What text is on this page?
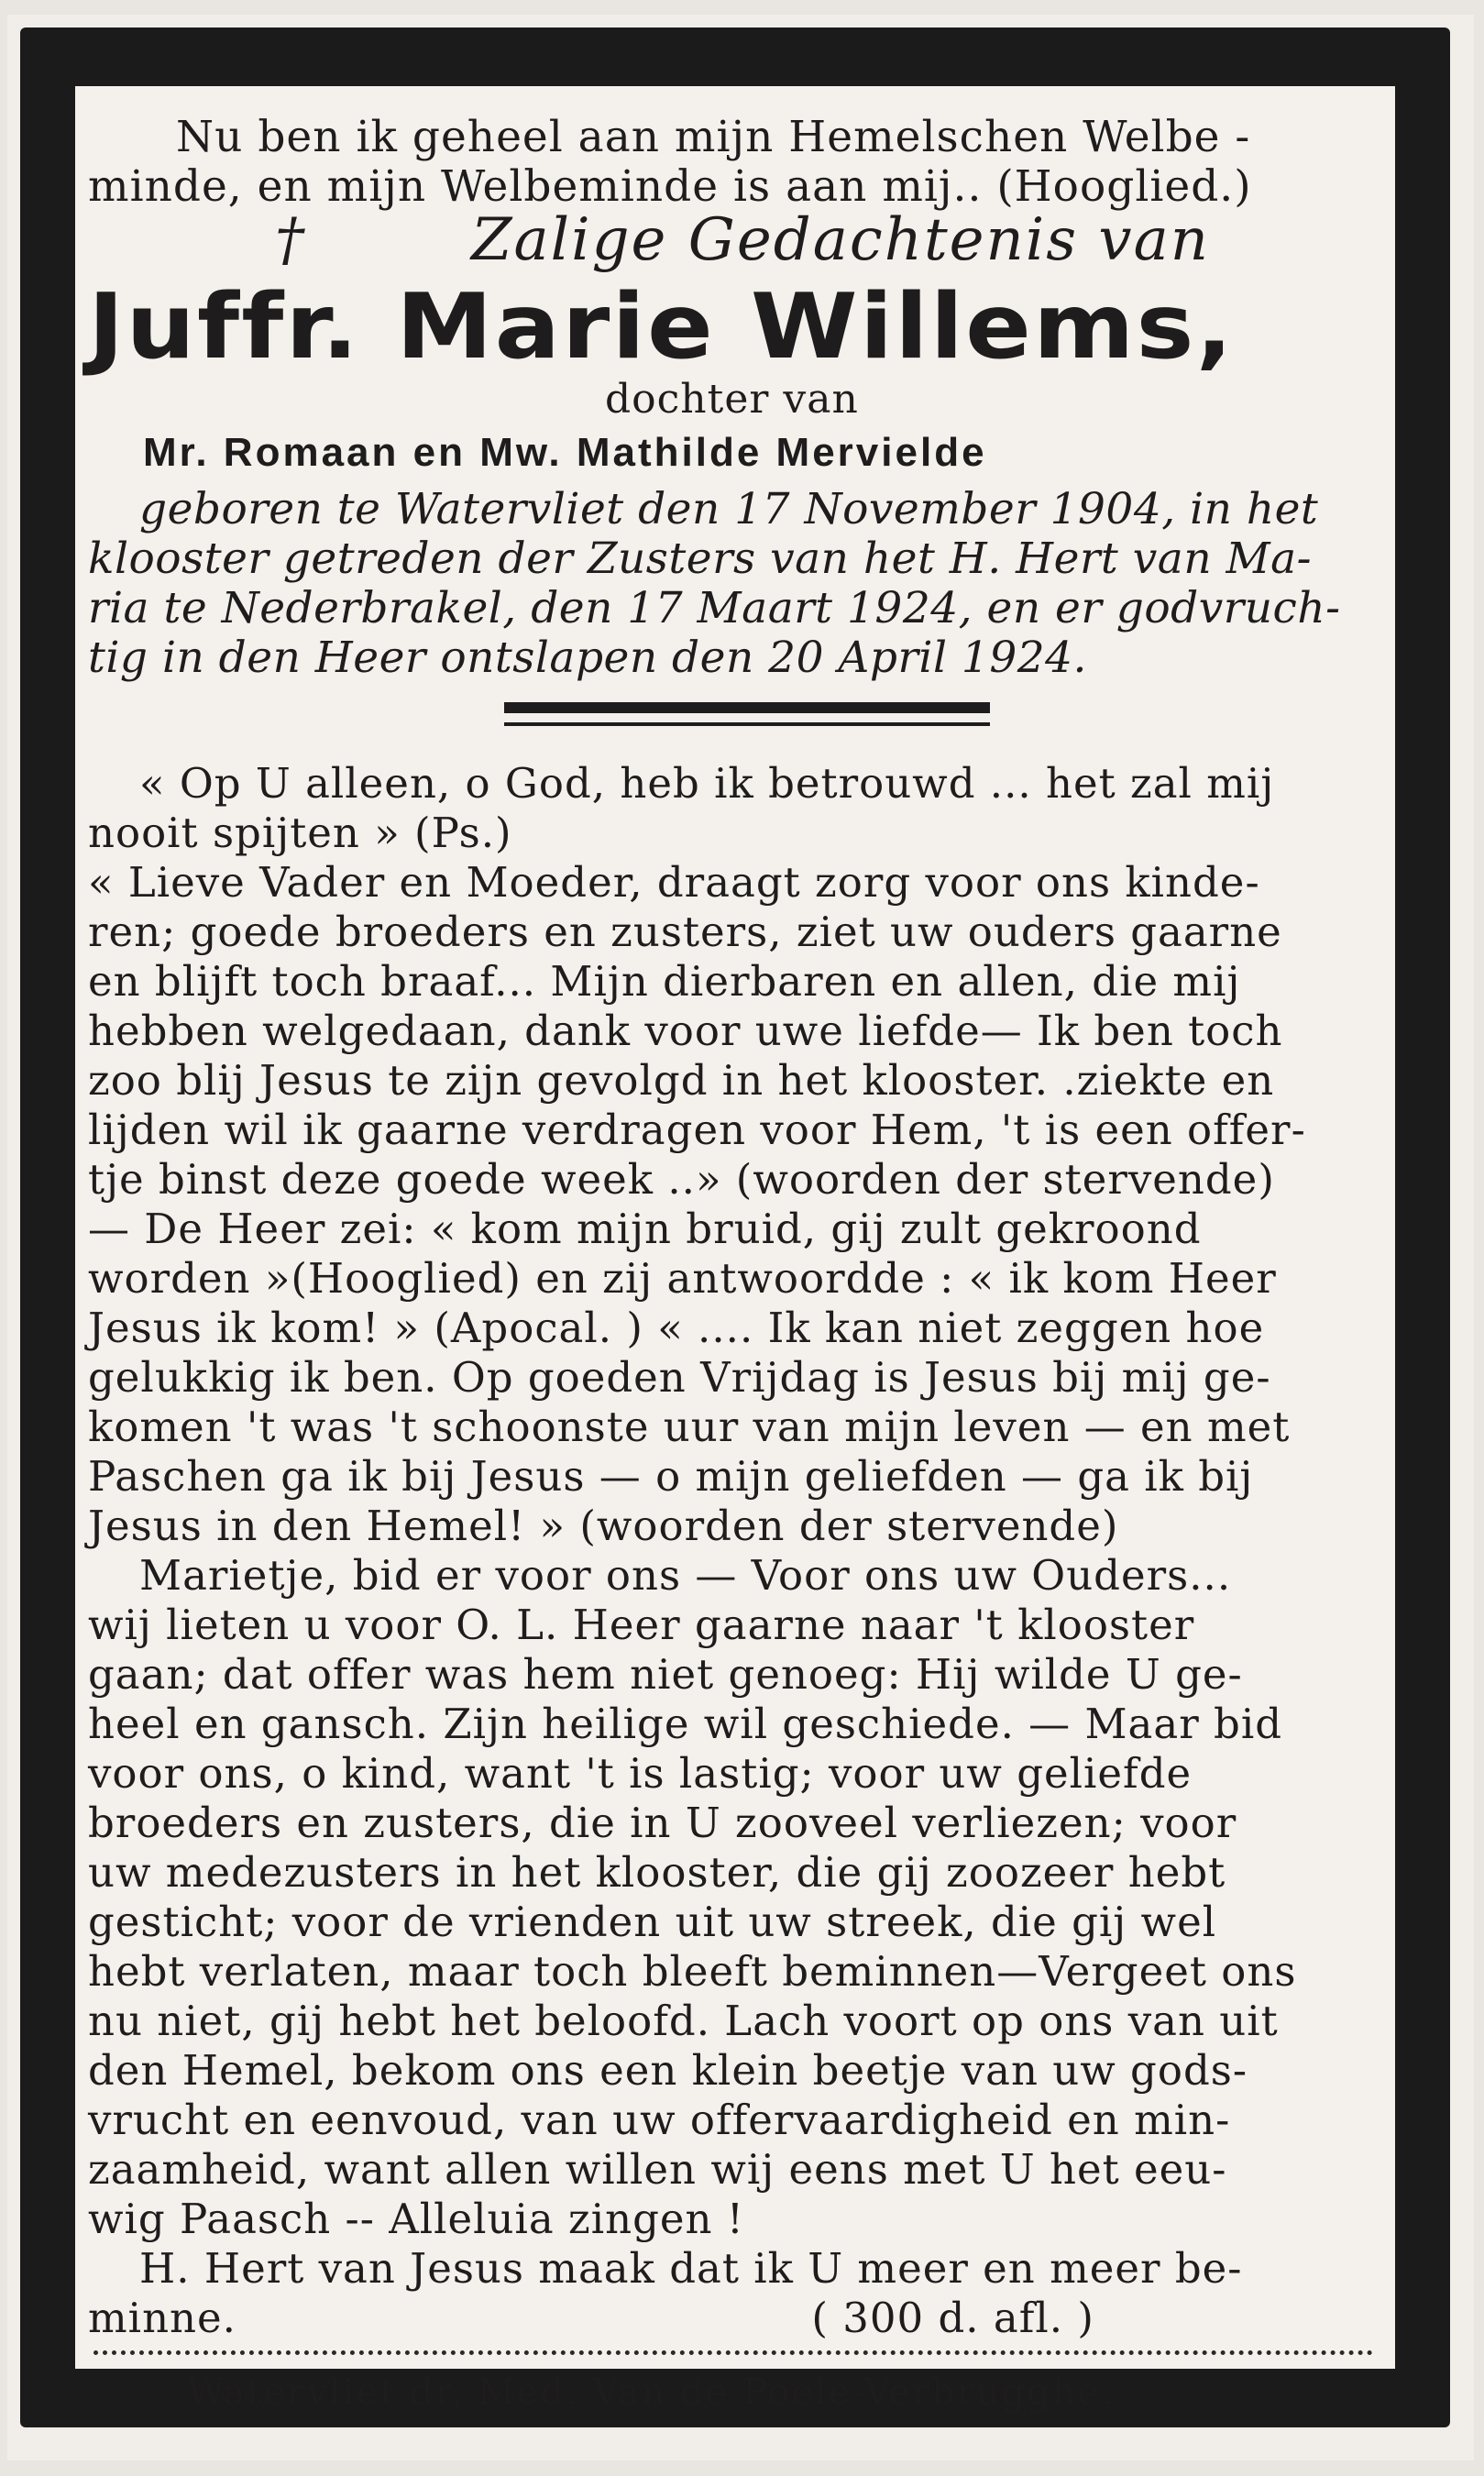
Nu ben ik geheel aan mijn Hemelschen Welbe -
minde, en mijn Welbeminde is aan mij.. (Hooglied.)
†	Zalige Gedachtenis van
Juffr. Marie Willems,
dochter van
Mr. Romaan en Mw. Mathilde Mervielde
geboren te Watervliet den 17 November 1904, in het
klooster getreden der Zusters van het H. Hert van Ma-
ria te Nederbrakel, den 17 Maart 1924, en er godvruch-
tig in den Heer ontslapen den 20 April 1924.
« Op U alleen, o God, heb ik betrouwd ... het zal mij
nooit spijten » (Ps.)
« Lieve Vader en Moeder, draagt zorg voor ons kinde-
ren; goede broeders en zusters, ziet uw ouders gaarne
en blijft toch braaf... Mijn dierbaren en allen, die mij
hebben welgedaan, dank voor uwe liefde— Ik ben toch
zoo blij Jesus te zijn gevolgd in het klooster. .ziekte en
lijden wil ik gaarne verdragen voor Hem, 't is een offer-
tje binst deze goede week ..» (woorden der stervende)
— De Heer zei: « kom mijn bruid, gij zult gekroond
worden »(Hooglied) en zij antwoordde : « ik kom Heer
Jesus ik kom! » (Apocal. ) « .... Ik kan niet zeggen hoe
gelukkig ik ben. Op goeden Vrijdag is Jesus bij mij ge-
komen 't was 't schoonste uur van mijn leven — en met
Paschen ga ik bij Jesus — o mijn geliefden — ga ik bij
Jesus in den Hemel! » (woorden der stervende)
Marietje, bid er voor ons — Voor ons uw Ouders...
wij lieten u voor O. L. Heer gaarne naar 't klooster
gaan; dat offer was hem niet genoeg: Hij wilde U ge-
heel en gansch. Zijn heilige wil geschiede. — Maar bid
voor ons, o kind, want 't is lastig; voor uw geliefde
broeders en zusters, die in U zooveel verliezen; voor
uw medezusters in het klooster, die gij zoozeer hebt
gesticht; voor de vrienden uit uw streek, die gij wel
hebt verlaten, maar toch bleeft beminnen—Vergeet ons
nu niet, gij hebt het beloofd. Lach voort op ons van uit
den Hemel, bekom ons een klein beetje van uw gods-
vrucht en eenvoud, van uw offervaardigheid en min-
zaamheid, want allen willen wij eens met U het eeu-
wig Paasch -- Alleluia zingen !
H. Hert van Jesus maak dat ik U meer en meer be-
minne.                                         ( 300 d. afl. )
Watervliet dr. Med. Van de Poele-Verbrugghe.
